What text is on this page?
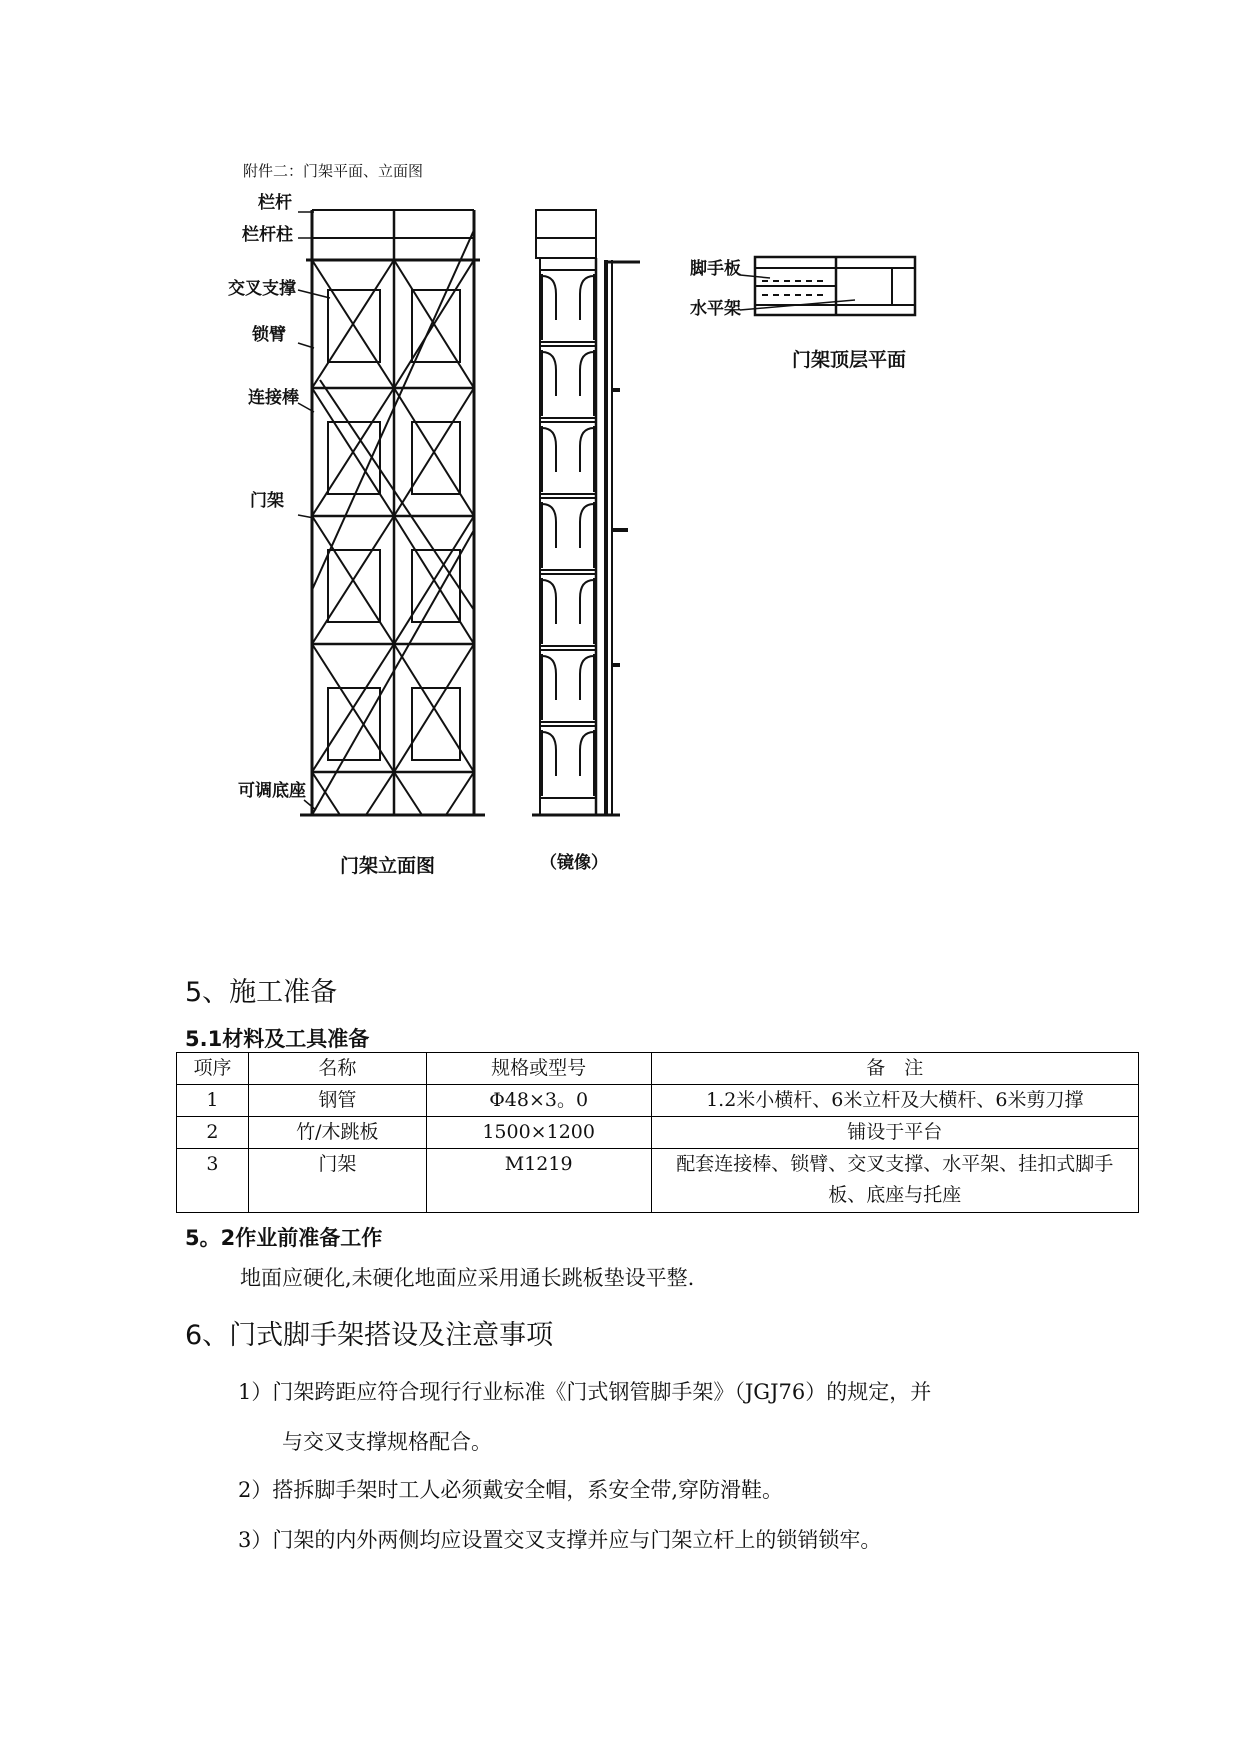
附件二：门架平面、立面图
栏杆
栏杆柱
交叉支撑
锁臂
连接棒
门架
可调底座
脚手板
水平架
门架顶层平面
门架立面图	（镜像）
5、施工准备
5.1材料及工具准备
项序	名称	规格或型号	备　注
1	钢管	Φ48×3。0	1.2米小横杆、6米立杆及大横杆、6米剪刀撑
2	竹/木跳板	1500×1200	铺设于平台
3	门架	M1219	配套连接棒、锁臂、交叉支撑、水平架、挂扣式脚手板、底座与托座
5。2作业前准备工作
地面应硬化,未硬化地面应采用通长跳板垫设平整.
6、门式脚手架搭设及注意事项
1）门架跨距应符合现行行业标准《门式钢管脚手架》（JGJ76）的规定，并
与交叉支撑规格配合。
2）搭拆脚手架时工人必须戴安全帽，系安全带,穿防滑鞋。
3）门架的内外两侧均应设置交叉支撑并应与门架立杆上的锁销锁牢。
